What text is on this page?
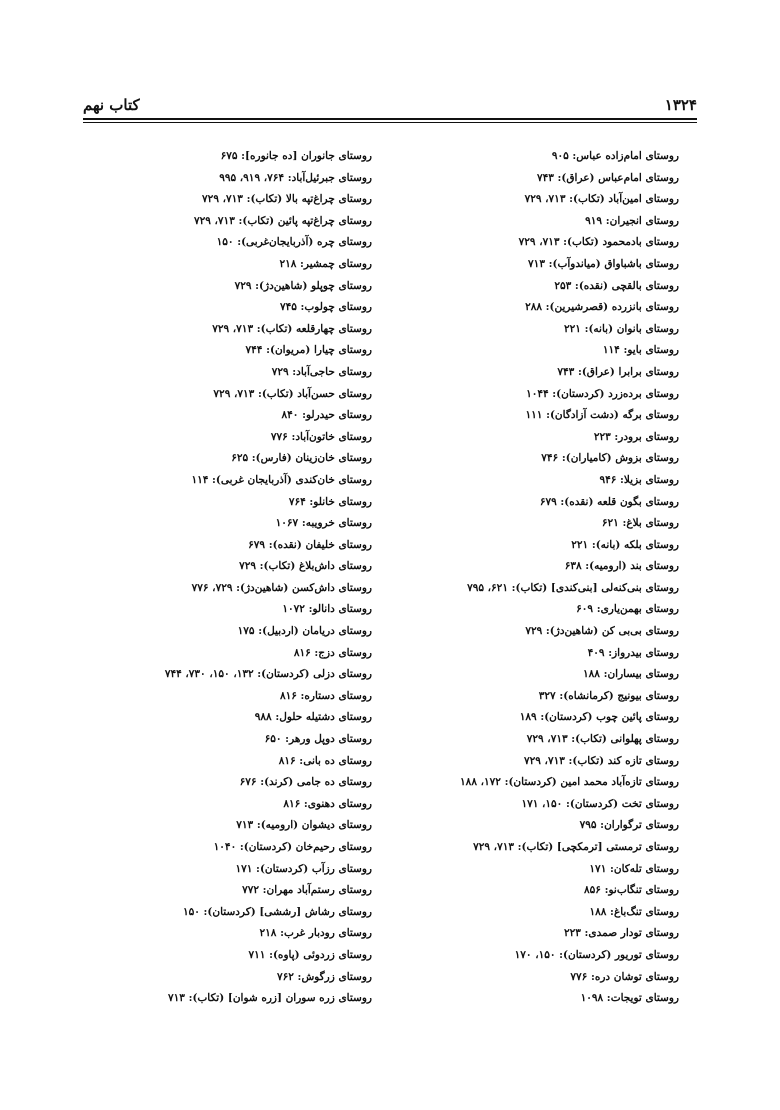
۱۳۲۴
کتاب نهم
روستای امام‌زاده عباس: ۹۰۵
روستای امام‌عباس (عراق): ۷۴۳
روستای امین‌آباد (تکاب): ۷۱۳، ۷۲۹
روستای انجیران: ۹۱۹
روستای بادمحمود (تکاب): ۷۱۳، ۷۲۹
روستای باشباواق (میاندوآب): ۷۱۳
روستای بالقچی (نقده): ۲۵۳
روستای بانزرده (قصرشیرین): ۲۸۸
روستای بانوان (بانه): ۲۲۱
روستای بایو: ۱۱۴
روستای برابرا (عراق): ۷۴۳
روستای بردەزرد (کردستان): ۱۰۴۴
روستای برگه (دشت آزادگان): ۱۱۱
روستای برودر: ۲۲۳
روستای بزوش (کامیاران): ۷۴۶
روستای بزیلا: ۹۴۶
روستای بگون قلعه (نقده): ۶۷۹
روستای بلاغ: ۶۲۱
روستای بلکه (بانه): ۲۲۱
روستای بند (ارومیه): ۶۳۸
روستای بنی‌کنه‌لی [بنی‌کندی] (تکاب): ۶۲۱، ۷۹۵
روستای بهمن‌یاری: ۶۰۹
روستای بی‌بی کن (شاهین‌دژ): ۷۲۹
روستای بیدرواز: ۴۰۹
روستای بیساران: ۱۸۸
روستای بیونیج (کرمانشاه): ۳۲۷
روستای پائین چوب (کردستان): ۱۸۹
روستای پهلوانی (تکاب): ۷۱۳، ۷۲۹
روستای تازه کند (تکاب): ۷۱۳، ۷۲۹
روستای تازه‌آباد محمد امین (کردستان): ۱۷۲، ۱۸۸
روستای تخت (کردستان): ۱۵۰، ۱۷۱
روستای ترگواران: ۷۹۵
روستای ترمستی [ترمکچی] (تکاب): ۷۱۳، ۷۲۹
روستای تله‌کان: ۱۷۱
روستای تنگاب‌نو: ۸۵۶
روستای تنگ‌باغ: ۱۸۸
روستای تودار صمدی: ۲۲۳
روستای توریور (کردستان): ۱۵۰، ۱۷۰
روستای توشان دره: ۷۷۶
روستای تویجات: ۱۰۹۸
روستای جانوران [ده جانوره]: ۶۷۵
روستای جبرئیل‌آباد: ۷۶۴، ۹۱۹، ۹۹۵
روستای چراغ‌تپه بالا (تکاب): ۷۱۳، ۷۲۹
روستای چراغ‌تپه پائین (تکاب): ۷۱۳، ۷۲۹
روستای چره (آذربایجان‌غربی): ۱۵۰
روستای چمشیر: ۲۱۸
روستای چوپلو (شاهین‌دژ): ۷۲۹
روستای چولوب: ۷۴۵
روستای چهارقلعه (تکاب): ۷۱۳، ۷۲۹
روستای چیارا (مریوان): ۷۴۴
روستای حاجی‌آباد: ۷۲۹
روستای حسن‌آباد (تکاب): ۷۱۳، ۷۲۹
روستای حیدرلو: ۸۴۰
روستای خاتون‌آباد: ۷۷۶
روستای خان‌زینان (فارس): ۶۲۵
روستای خان‌کندی (آذربایجان غربی): ۱۱۴
روستای خانلو: ۷۶۴
روستای خرویبه: ۱۰۶۷
روستای خلیفان (نقده): ۶۷۹
روستای داش‌بلاغ (تکاب): ۷۲۹
روستای داش‌کسن (شاهین‌دژ): ۷۲۹، ۷۷۶
روستای دانالو: ۱۰۷۲
روستای دریامان (اردبیل): ۱۷۵
روستای دزج: ۸۱۶
روستای دزلی (کردستان): ۱۳۲، ۱۵۰، ۷۳۰، ۷۴۴
روستای دستاره: ۸۱۶
روستای دشتیله حلول: ۹۸۸
روستای دوپل ورهر: ۶۵۰
روستای ده بانی: ۸۱۶
روستای ده جامی (کرند): ۶۷۶
روستای دهنوی: ۸۱۶
روستای دیشوان (ارومیه): ۷۱۳
روستای رحیم‌خان (کردستان): ۱۰۴۰
روستای رزآب (کردستان): ۱۷۱
روستای رستم‌آباد مهران: ۷۷۲
روستای رشاش [رششی] (کردستان): ۱۵۰
روستای رودبار غرب: ۲۱۸
روستای زردوئی (پاوه): ۷۱۱
روستای زرگوش: ۷۶۲
روستای زره سوران [زره شوان] (تکاب): ۷۱۳
